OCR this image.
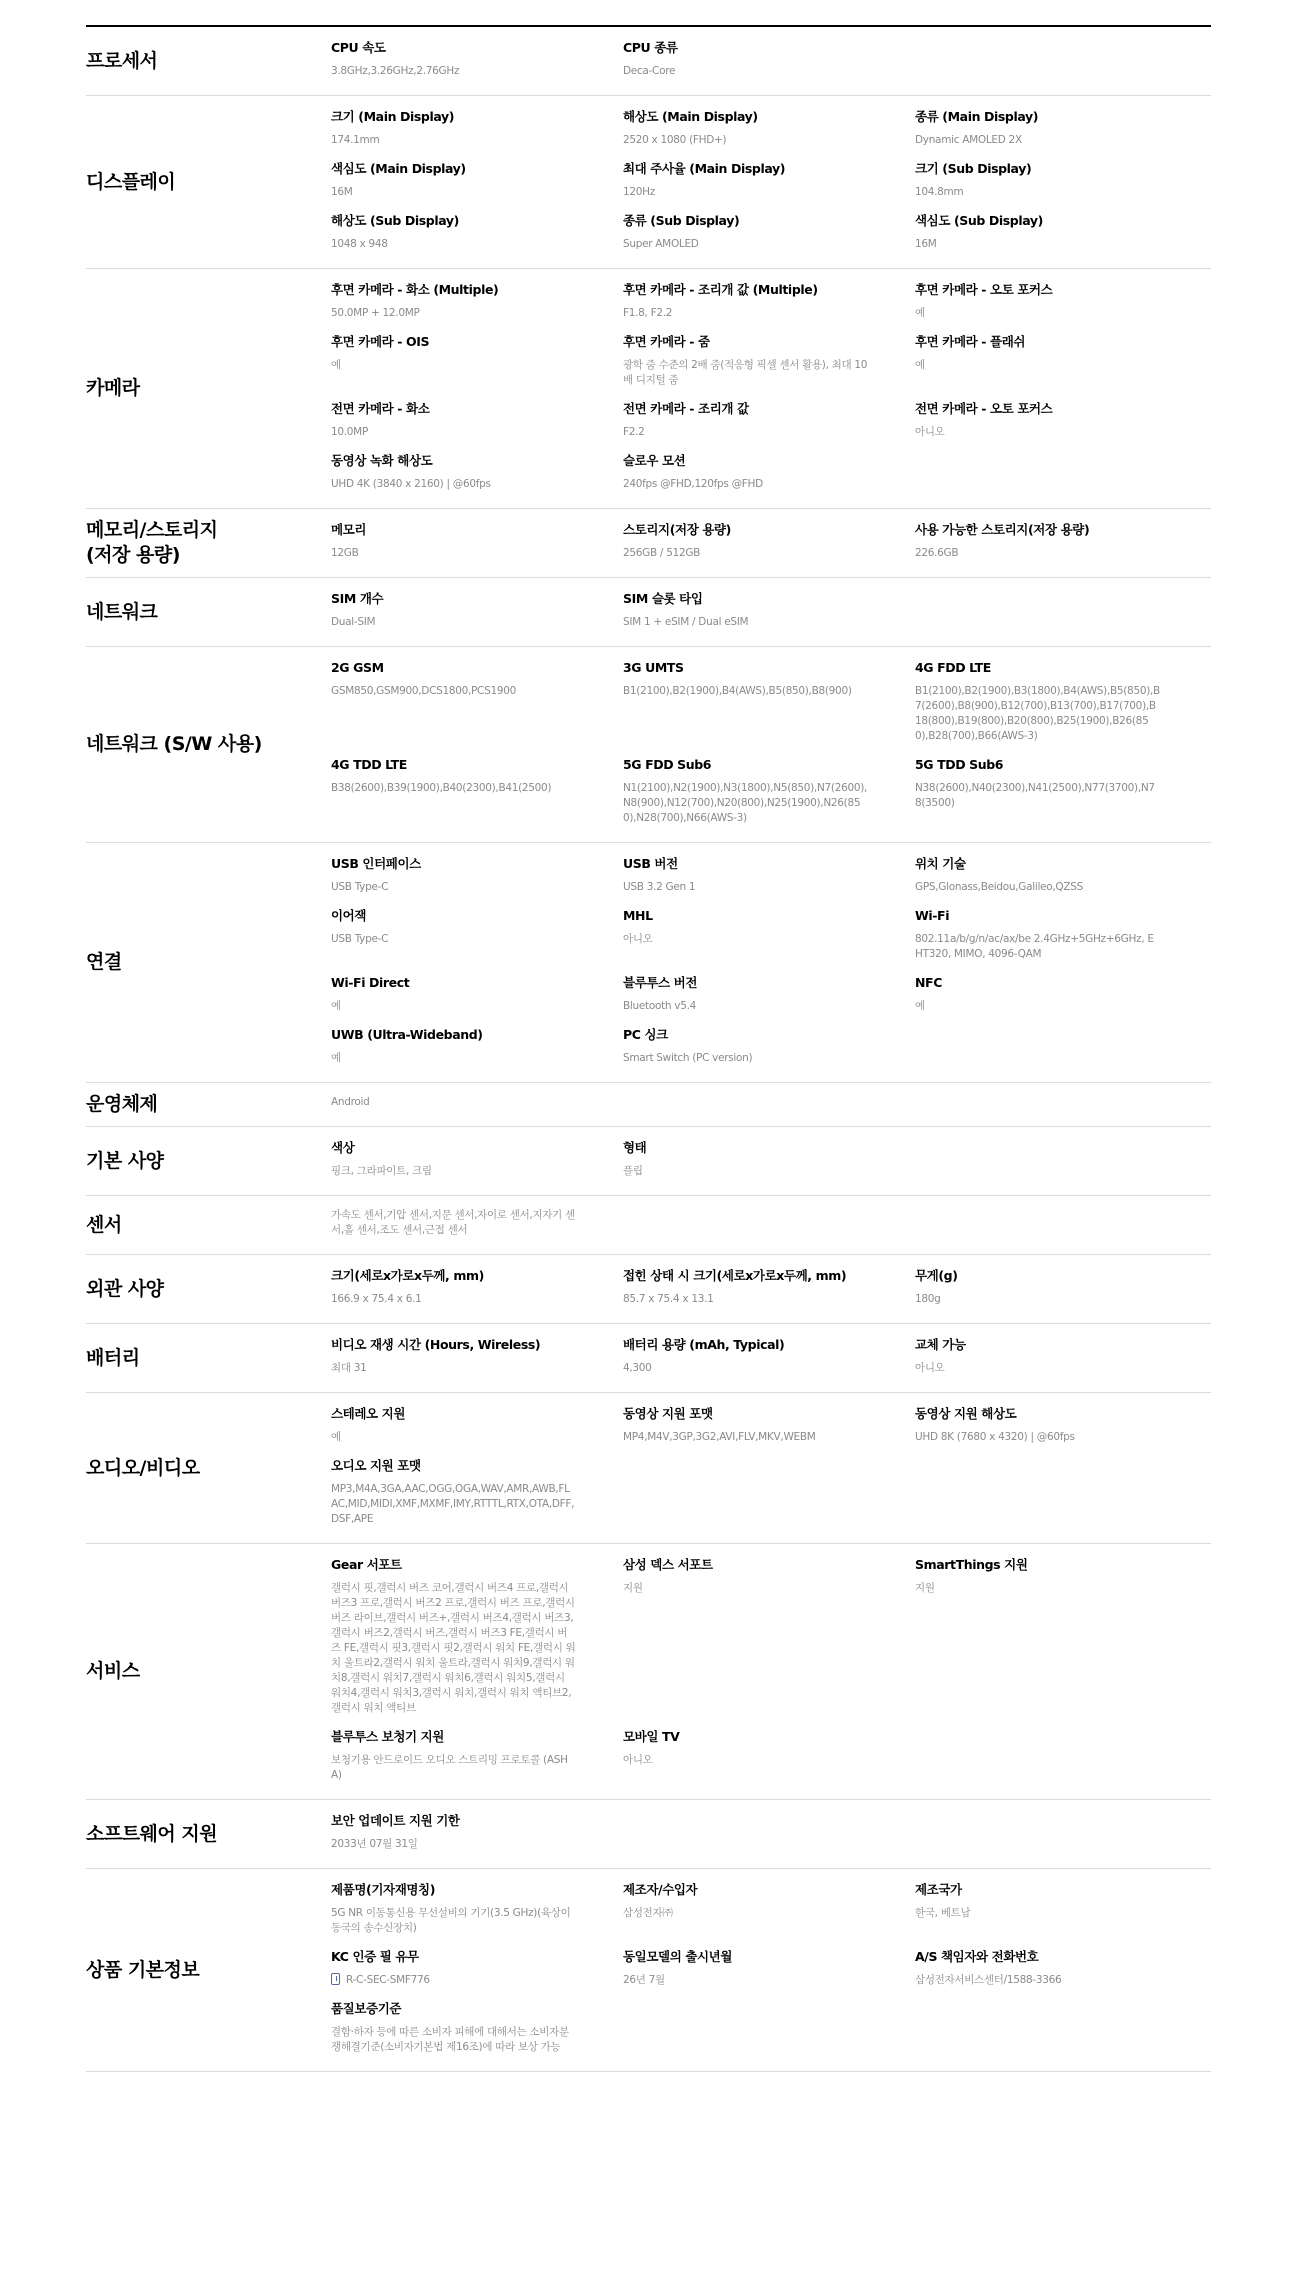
프로세서
CPU 속도
3.8GHz,3.26GHz,2.76GHz
CPU 종류
Deca-Core
디스플레이
크기 (Main Display)
174.1mm
해상도 (Main Display)
2520 x 1080 (FHD+)
종류 (Main Display)
Dynamic AMOLED 2X
색심도 (Main Display)
16M
최대 주사율 (Main Display)
120Hz
크기 (Sub Display)
104.8mm
해상도 (Sub Display)
1048 x 948
종류 (Sub Display)
Super AMOLED
색심도 (Sub Display)
16M
카메라
후면 카메라 - 화소 (Multiple)
50.0MP + 12.0MP
후면 카메라 - 조리개 값 (Multiple)
F1.8, F2.2
후면 카메라 - 오토 포커스
예
후면 카메라 - OIS
예
후면 카메라 - 줌
광학 줌 수준의 2배 줌(적응형 픽셀 센서 활용), 최대 10배 디지털 줌
후면 카메라 - 플래쉬
예
전면 카메라 - 화소
10.0MP
전면 카메라 - 조리개 값
F2.2
전면 카메라 - 오토 포커스
아니오
동영상 녹화 해상도
UHD 4K (3840 x 2160) | @60fps
슬로우 모션
240fps @FHD,120fps @FHD
메모리/스토리지
(저장 용량)
메모리
12GB
스토리지(저장 용량)
256GB / 512GB
사용 가능한 스토리지(저장 용량)
226.6GB
네트워크
SIM 개수
Dual-SIM
SIM 슬롯 타입
SIM 1 + eSIM / Dual eSIM
네트워크 (S/W 사용)
2G GSM
GSM850,GSM900,DCS1800,PCS1900
3G UMTS
B1(2100),B2(1900),B4(AWS),B5(850),B8(900)
4G FDD LTE
B1(2100),B2(1900),B3(1800),B4(AWS),B5(850),B7(2600),B8(900),B12(700),B13(700),B17(700),B18(800),B19(800),B20(800),B25(1900),B26(850),B28(700),B66(AWS-3)
4G TDD LTE
B38(2600),B39(1900),B40(2300),B41(2500)
5G FDD Sub6
N1(2100),N2(1900),N3(1800),N5(850),N7(2600),N8(900),N12(700),N20(800),N25(1900),N26(850),N28(700),N66(AWS-3)
5G TDD Sub6
N38(2600),N40(2300),N41(2500),N77(3700),N78(3500)
연결
USB 인터페이스
USB Type-C
USB 버전
USB 3.2 Gen 1
위치 기술
GPS,Glonass,Beidou,Galileo,QZSS
이어잭
USB Type-C
MHL
아니오
Wi-Fi
802.11a/b/g/n/ac/ax/be 2.4GHz+5GHz+6GHz, EHT320, MIMO, 4096-QAM
Wi-Fi Direct
예
블루투스 버전
Bluetooth v5.4
NFC
예
UWB (Ultra-Wideband)
예
PC 싱크
Smart Switch (PC version)
운영체제	Android
기본 사양
색상
핑크, 그라파이트, 크림
형태
플립
센서	가속도 센서,기압 센서,지문 센서,자이로 센서,지자기 센서,홀 센서,조도 센서,근접 센서
외관 사양
크기(세로x가로x두께, mm)
166.9 x 75.4 x 6.1
접힌 상태 시 크기(세로x가로x두께, mm)
85.7 x 75.4 x 13.1
무게(g)
180g
배터리
비디오 재생 시간 (Hours, Wireless)
최대 31
배터리 용량 (mAh, Typical)
4,300
교체 가능
아니오
오디오/비디오
스테레오 지원
예
동영상 지원 포맷
MP4,M4V,3GP,3G2,AVI,FLV,MKV,WEBM
동영상 지원 해상도
UHD 8K (7680 x 4320) | @60fps
오디오 지원 포맷
MP3,M4A,3GA,AAC,OGG,OGA,WAV,AMR,AWB,FLAC,MID,MIDI,XMF,MXMF,IMY,RTTTL,RTX,OTA,DFF,DSF,APE
서비스
Gear 서포트
갤럭시 핏,갤럭시 버즈 코어,갤럭시 버즈4 프로,갤럭시 버즈3 프로,갤럭시 버즈2 프로,갤럭시 버즈 프로,갤럭시 버즈 라이브,갤럭시 버즈+,갤럭시 버즈4,갤럭시 버즈3,갤럭시 버즈2,갤럭시 버즈,갤럭시 버즈3 FE,갤럭시 버즈 FE,갤럭시 핏3,갤럭시 핏2,갤럭시 워치 FE,갤럭시 워치 울트라2,갤럭시 워치 울트라,갤럭시 워치9,갤럭시 워치8,갤럭시 워치7,갤럭시 워치6,갤럭시 워치5,갤럭시 워치4,갤럭시 워치3,갤럭시 워치,갤럭시 워치 액티브2,갤럭시 워치 액티브
삼성 덱스 서포트
지원
SmartThings 지원
지원
블루투스 보청기 지원
보청기용 안드로이드 오디오 스트리밍 프로토콜 (ASHA)
모바일 TV
아니오
소프트웨어 지원
보안 업데이트 지원 기한
2033년 07월 31일
상품 기본정보
제품명(기자재명칭)
5G NR 이동통신용 무선설비의 기기(3.5 GHz)(육상이동국의 송수신장치)
제조자/수입자
삼성전자㈜
제조국가
한국, 베트남
KC 인증 필 유무
R-C-SEC-SMF776
동일모델의 출시년월
26년 7월
A/S 책임자와 전화번호
삼성전자서비스센터/1588-3366
품질보증기준
결함·하자 등에 따른 소비자 피해에 대해서는 소비자분쟁해결기준(소비자기본법 제16조)에 따라 보상 가능
